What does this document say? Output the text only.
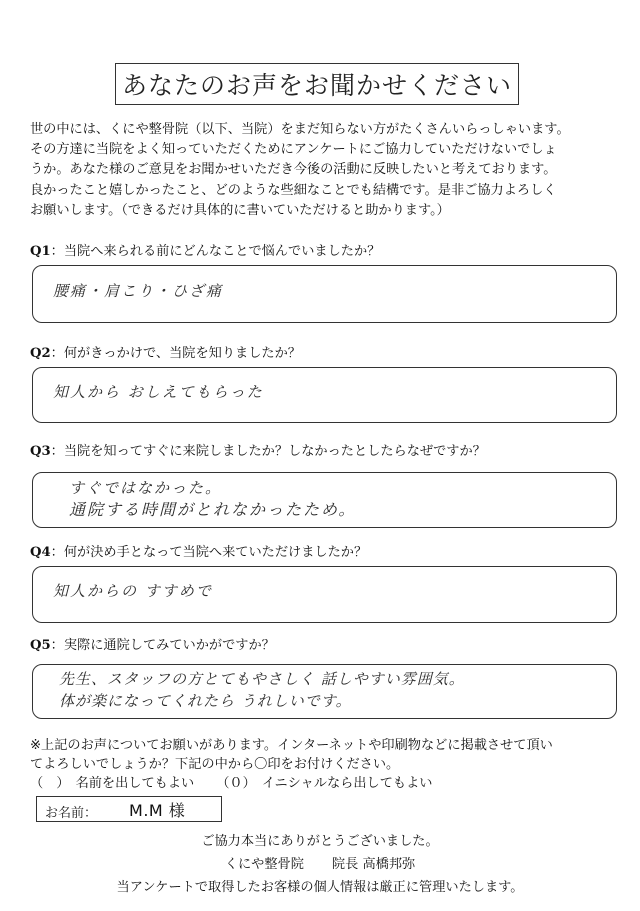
あなたのお声をお聞かせください
世の中には、くにや整骨院（以下、当院）をまだ知らない方がたくさんいらっしゃいます。
その方達に当院をよく知っていただくためにアンケートにご協力していただけないでしょ
うか。あなた様のご意見をお聞かせいただき今後の活動に反映したいと考えております。
良かったこと嬉しかったこと、どのような些細なことでも結構です。是非ご協力よろしく
お願いします。（できるだけ具体的に書いていただけると助かります。）
Q1：当院へ来られる前にどんなことで悩んでいましたか？
腰痛・肩こり・ひざ痛
Q2：何がきっかけで、当院を知りましたか？
知人から おしえてもらった
Q3：当院を知ってすぐに来院しましたか？しなかったとしたらなぜですか？
すぐではなかった。
通院する時間がとれなかったため。
Q4：何が決め手となって当院へ来ていただけましたか？
知人からの すすめで
Q5：実際に通院してみていかがですか？
先生、スタッフの方とてもやさしく 話しやすい雰囲気。
体が楽になってくれたら うれしいです。
※上記のお声についてお願いがあります。インターネットや印刷物などに掲載させて頂い
てよろしいでしょうか？下記の中から〇印をお付けください。
（　） 名前を出してもよい （０） イニシャルなら出してもよい
お名前： M.M 様
ご協力本当にありがとうございました。
くにや整骨院 院長 高橋邦弥
当アンケートで取得したお客様の個人情報は厳正に管理いたします。
